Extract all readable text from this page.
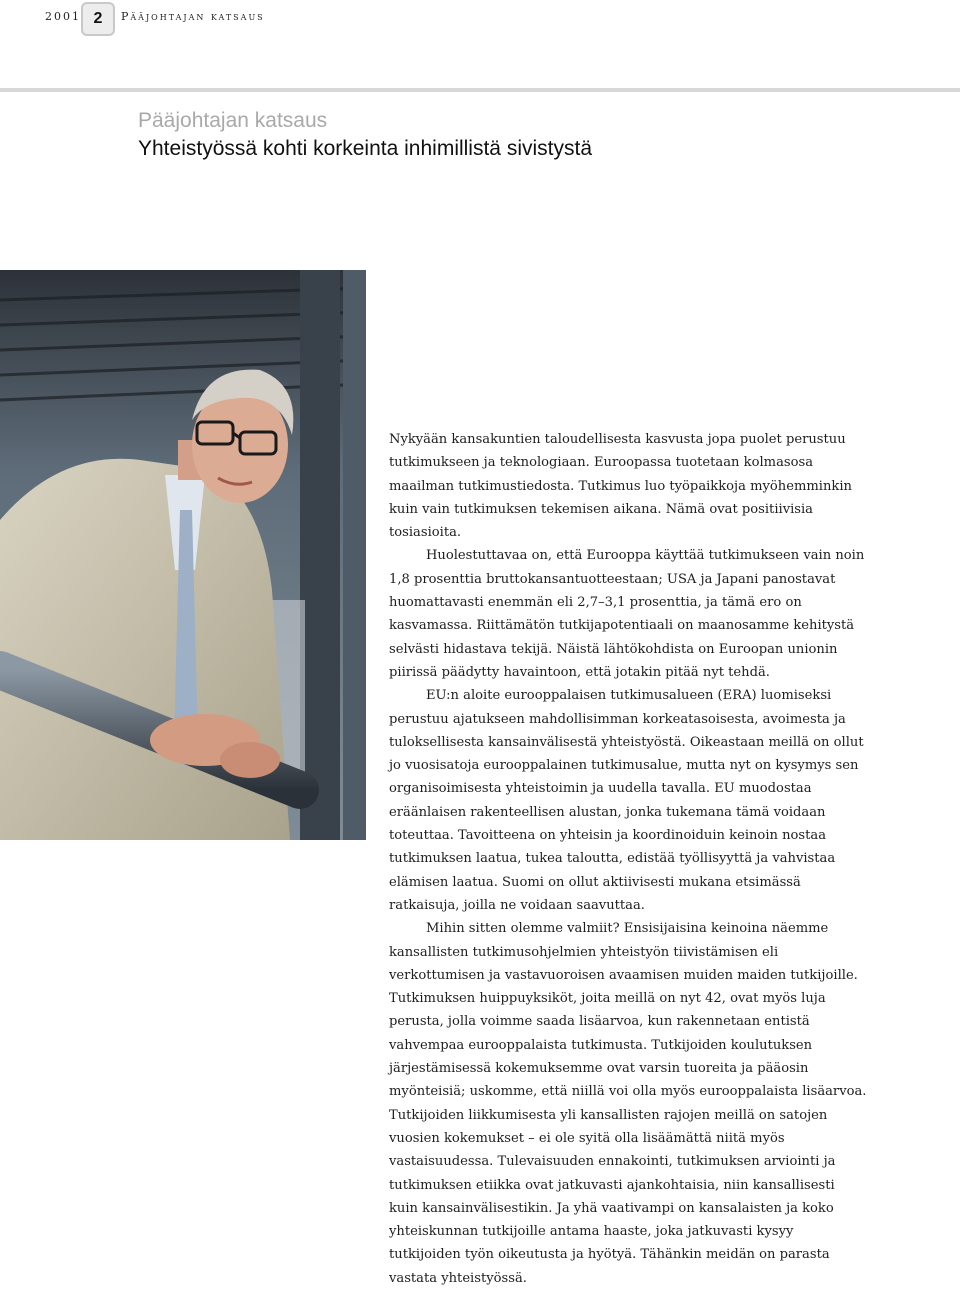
2001 2	Pääjohtajan katsaus
Pääjohtajan katsaus
Yhteistyössä kohti korkeinta inhimillistä sivistystä

Nykyään kansakuntien taloudellisesta kasvusta jopa puolet perustuu tutkimukseen ja teknologiaan. Euroopassa tuotetaan kolmasosa maailman tutkimustiedosta. Tutkimus luo työpaikkoja myöhemminkin kuin vain tutkimuksen tekemisen aikana. Nämä ovat positiivisia tosiasioita.

Huolestuttavaa on, että Eurooppa käyttää tutkimukseen vain noin 1,8 prosenttia bruttokansantuotteestaan; USA ja Japani panostavat huomattavasti enemmän eli 2,7–3,1 prosenttia, ja tämä ero on kasvamassa. Riittämätön tutkijapotentiaali on maanosamme kehitystä selvästi hidastava tekijä. Näistä lähtökohdista on Euroopan unionin piirissä päädytty havaintoon, että jotakin pitää nyt tehdä.

EU:n aloite eurooppalaisen tutkimusalueen (ERA) luomiseksi perustuu ajatukseen mahdollisimman korkeatasoisesta, avoimesta ja tuloksellisesta kansainvälisestä yhteistyöstä. Oikeastaan meillä on ollut jo vuosisatoja eurooppalainen tutkimusalue, mutta nyt on kysymys sen organisoimisesta yhteistoimin ja uudella tavalla. EU muodostaa eräänlaisen rakenteellisen alustan, jonka tukemana tämä voidaan toteuttaa. Tavoitteena on yhteisin ja koordinoiduin keinoin nostaa tutkimuksen laatua, tukea taloutta, edistää työllisyyttä ja vahvistaa elämisen laatua. Suomi on ollut aktiivisesti mukana etsimässä ratkaisuja, joilla ne voidaan saavuttaa.

Mihin sitten olemme valmiit? Ensisijaisina keinoina näemme kansallisten tutkimusohjelmien yhteistyön tiivistämisen eli verkottumisen ja vastavuoroisen avaamisen muiden maiden tutkijoille. Tutkimuksen huippuyksiköt, joita meillä on nyt 42, ovat myös luja perusta, jolla voimme saada lisäarvoa, kun rakennetaan entistä vahvempaa eurooppalaista tutkimusta. Tutkijoiden koulutuksen järjestämisessä kokemuksemme ovat varsin tuoreita ja pääosin myönteisiä; uskomme, että niillä voi olla myös eurooppalaista lisäarvoa. Tutkijoiden liikkumisesta yli kansallisten rajojen meillä on satojen vuosien kokemukset – ei ole syitä olla lisäämättä niitä myös vastaisuudessa. Tulevaisuuden ennakointi, tutkimuksen arviointi ja tutkimuksen etiikka ovat jatkuvasti ajankohtaisia, niin kansallisesti kuin kansainvälisestikin. Ja yhä vaativampi on kansalaisten ja koko yhteiskunnan tutkijoille antama haaste, joka jatkuvasti kysyy tutkijoiden työn oikeutusta ja hyötyä. Tähänkin meidän on parasta vastata yhteistyössä.
